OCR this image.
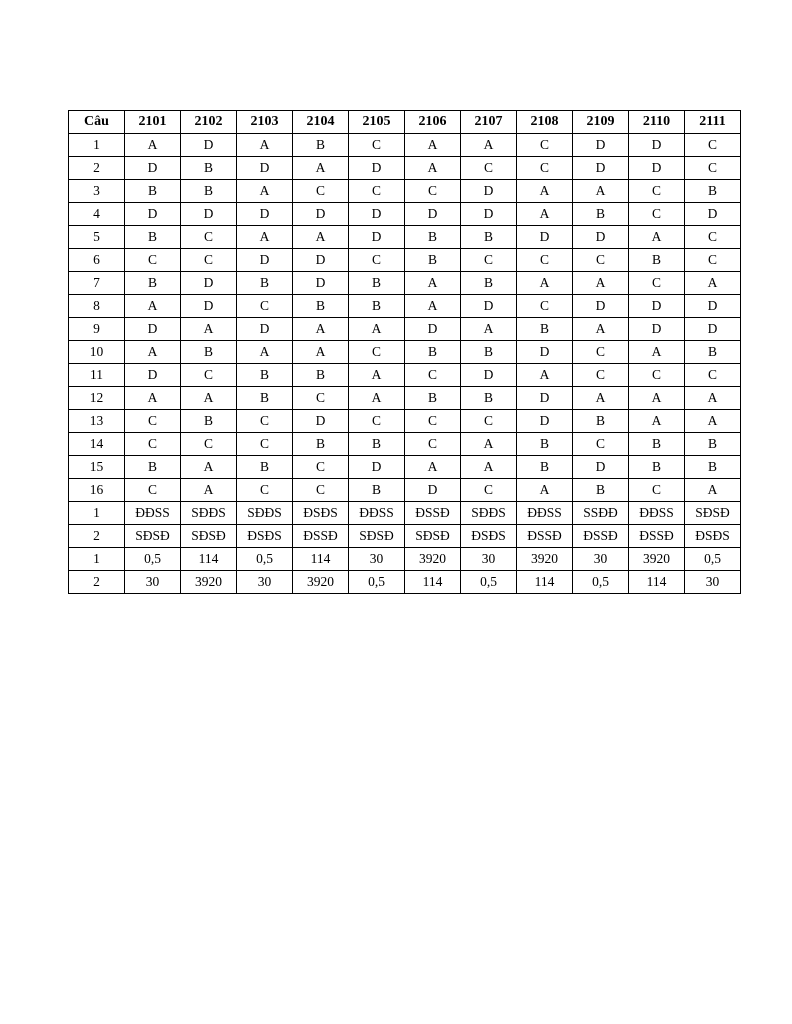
Câu	2101	2102	2103	2104	2105	2106	2107	2108	2109	2110	2111
1	A	D	A	B	C	A	A	C	D	D	C
2	D	B	D	A	D	A	C	C	D	D	C
3	B	B	A	C	C	C	D	A	A	C	B
4	D	D	D	D	D	D	D	A	B	C	D
5	B	C	A	A	D	B	B	D	D	A	C
6	C	C	D	D	C	B	C	C	C	B	C
7	B	D	B	D	B	A	B	A	A	C	A
8	A	D	C	B	B	A	D	C	D	D	D
9	D	A	D	A	A	D	A	B	A	D	D
10	A	B	A	A	C	B	B	D	C	A	B
11	D	C	B	B	A	C	D	A	C	C	C
12	A	A	B	C	A	B	B	D	A	A	A
13	C	B	C	D	C	C	C	D	B	A	A
14	C	C	C	B	B	C	A	B	C	B	B
15	B	A	B	C	D	A	A	B	D	B	B
16	C	A	C	C	B	D	C	A	B	C	A
1	ĐĐSS	SĐĐS	SĐĐS	ĐSĐS	ĐĐSS	ĐSSĐ	SĐĐS	ĐĐSS	SSĐĐ	ĐĐSS	SĐSĐ
2	SĐSĐ	SĐSĐ	ĐSĐS	ĐSSĐ	SĐSĐ	SĐSĐ	ĐSĐS	ĐSSĐ	ĐSSĐ	ĐSSĐ	ĐSĐS
1	0,5	114	0,5	114	30	3920	30	3920	30	3920	0,5
2	30	3920	30	3920	0,5	114	0,5	114	0,5	114	30
